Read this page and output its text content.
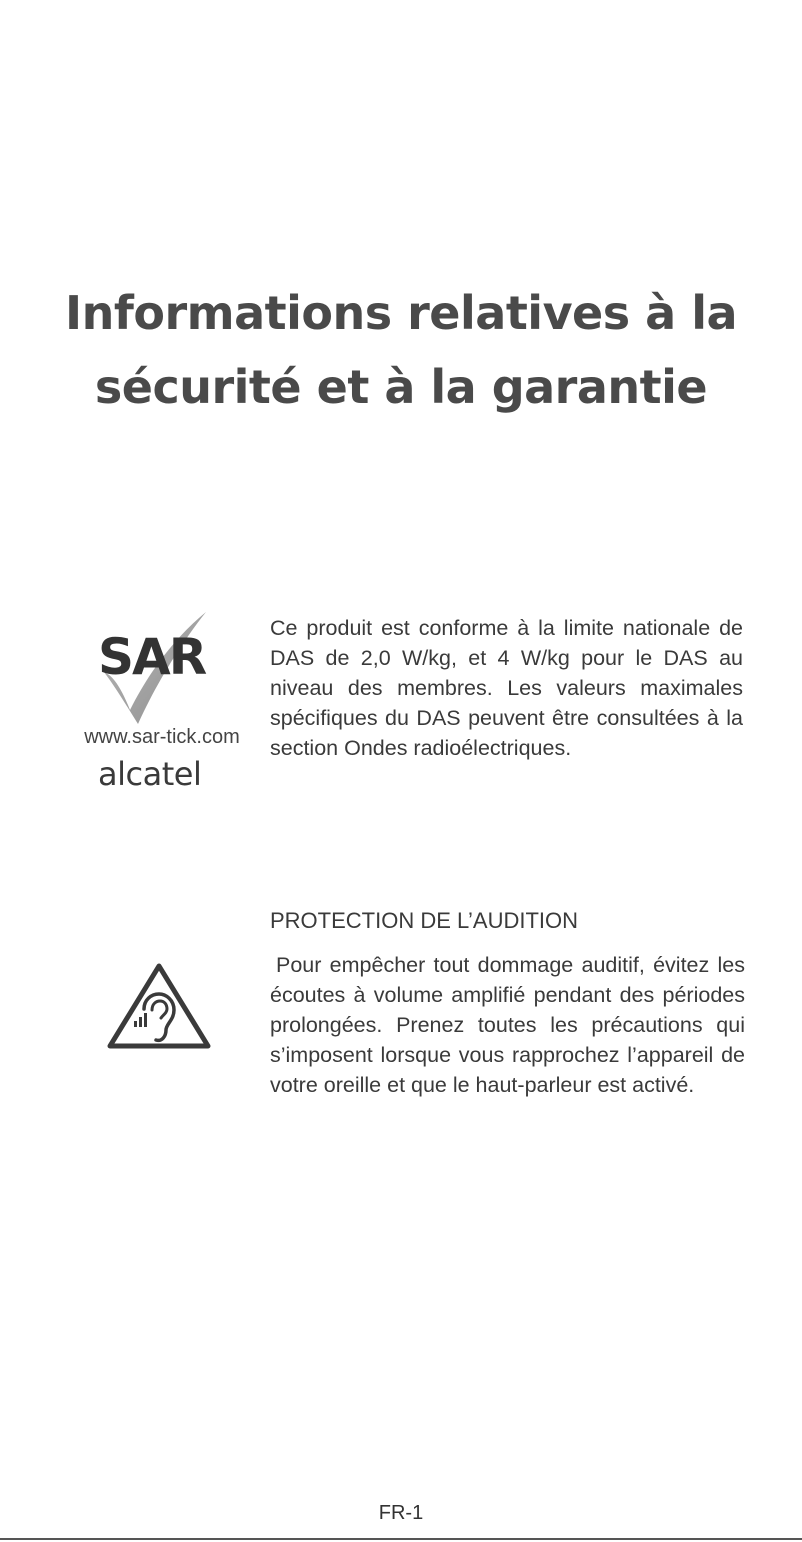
Informations relatives à la
sécurité et à la garantie
SAR
www.sar-tick.com
alcatel

Ce produit est conforme à la limite nationale de DAS de 2,0 W/kg, et 4 W/kg pour le DAS au niveau des membres. Les valeurs maximales spécifiques du DAS peuvent être consultées à la section Ondes radioélectriques.

PROTECTION DE L’AUDITION

Pour empêcher tout dommage auditif, évitez les écoutes à volume amplifié pendant des périodes prolongées. Prenez toutes les précautions qui s’imposent lorsque vous rapprochez l’appareil de votre oreille et que le haut-parleur est activé.

FR-1
